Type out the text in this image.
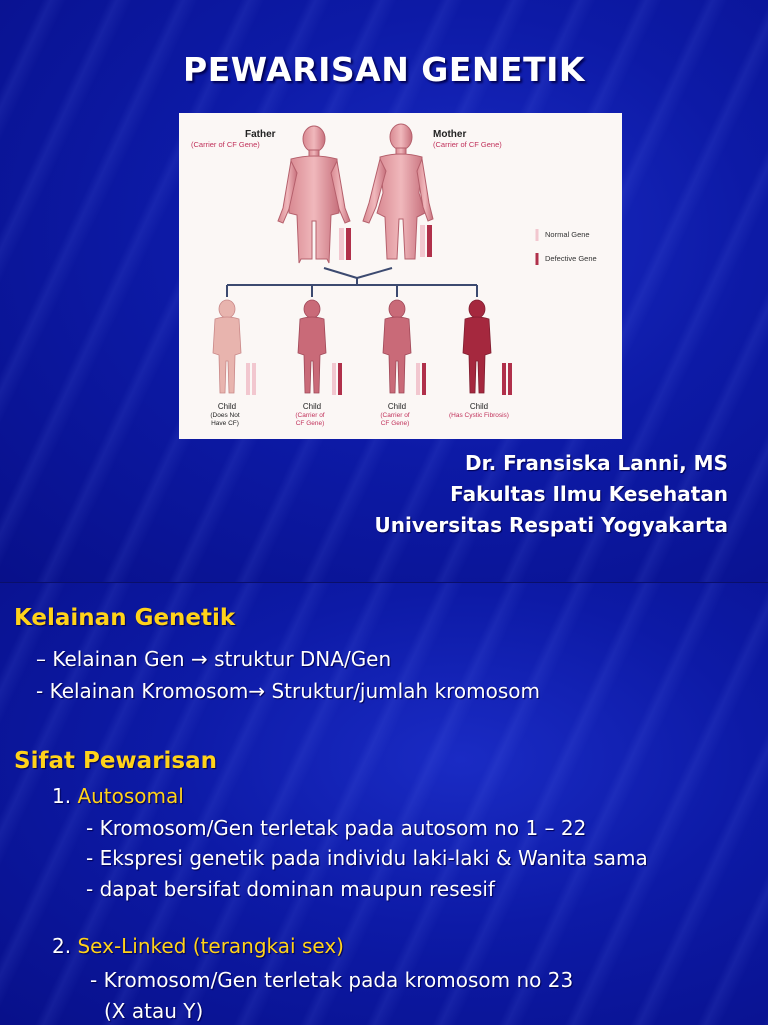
PEWARISAN GENETIK
Father
(Carrier of CF Gene)
Mother
(Carrier of CF Gene)
Normal Gene
Defective Gene
Child
(Does Not
Have CF)
Child
(Carrier of
CF Gene)
Child
(Carrier of
CF Gene)
Child
(Has Cystic Fibrosis)
Dr. Fransiska Lanni, MS
Fakultas Ilmu Kesehatan
Universitas Respati Yogyakarta
Kelainan Genetik
– Kelainan Gen → struktur DNA/Gen
- Kelainan Kromosom→ Struktur/jumlah kromosom
Sifat Pewarisan
1. Autosomal
- Kromosom/Gen terletak pada autosom no 1 – 22
- Ekspresi genetik pada individu laki-laki & Wanita sama
- dapat bersifat dominan maupun resesif
2. Sex-Linked (terangkai sex)
- Kromosom/Gen terletak pada kromosom no 23
(X atau Y)
